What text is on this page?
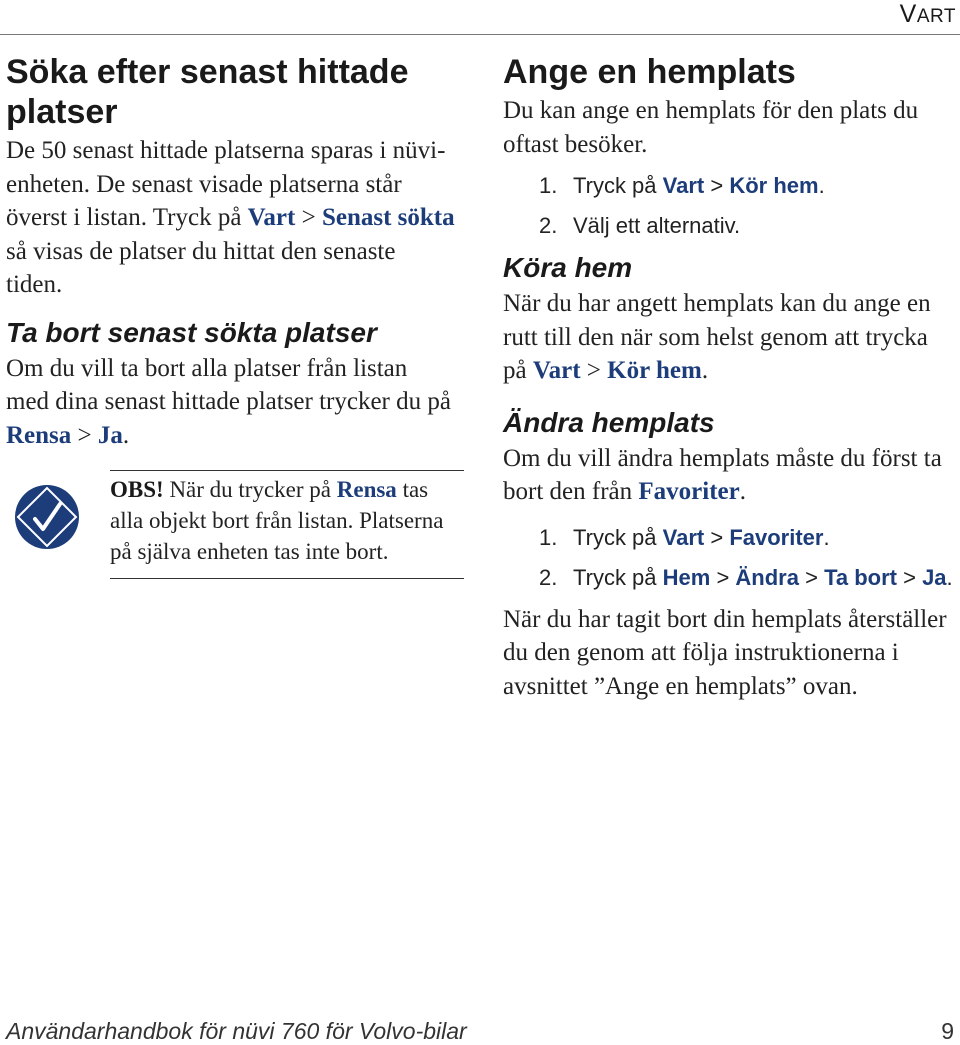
VART
Söka efter senast hittade platser

De 50 senast hittade platserna sparas i nüvi-enheten. De senast visade platserna står överst i listan. Tryck på Vart > Senast sökta så visas de platser du hittat den senaste tiden.

Ta bort senast sökta platser

Om du vill ta bort alla platser från listan med dina senast hittade platser trycker du på Rensa > Ja.

OBS! När du trycker på Rensa tas alla objekt bort från listan. Platserna på själva enheten tas inte bort.
Ange en hemplats

Du kan ange en hemplats för den plats du oftast besöker.

1. Tryck på Vart > Kör hem.
2. Välj ett alternativ.
Köra hem

När du har angett hemplats kan du ange en rutt till den när som helst genom att trycka på Vart > Kör hem.

Ändra hemplats

Om du vill ändra hemplats måste du först ta bort den från Favoriter.

1. Tryck på Vart > Favoriter.
2. Tryck på Hem > Ändra > Ta bort > Ja.

När du har tagit bort din hemplats återställer du den genom att följa instruktionerna i avsnittet ”Ange en hemplats” ovan.

Användarhandbok för nüvi 760 för Volvo-bilar	9
